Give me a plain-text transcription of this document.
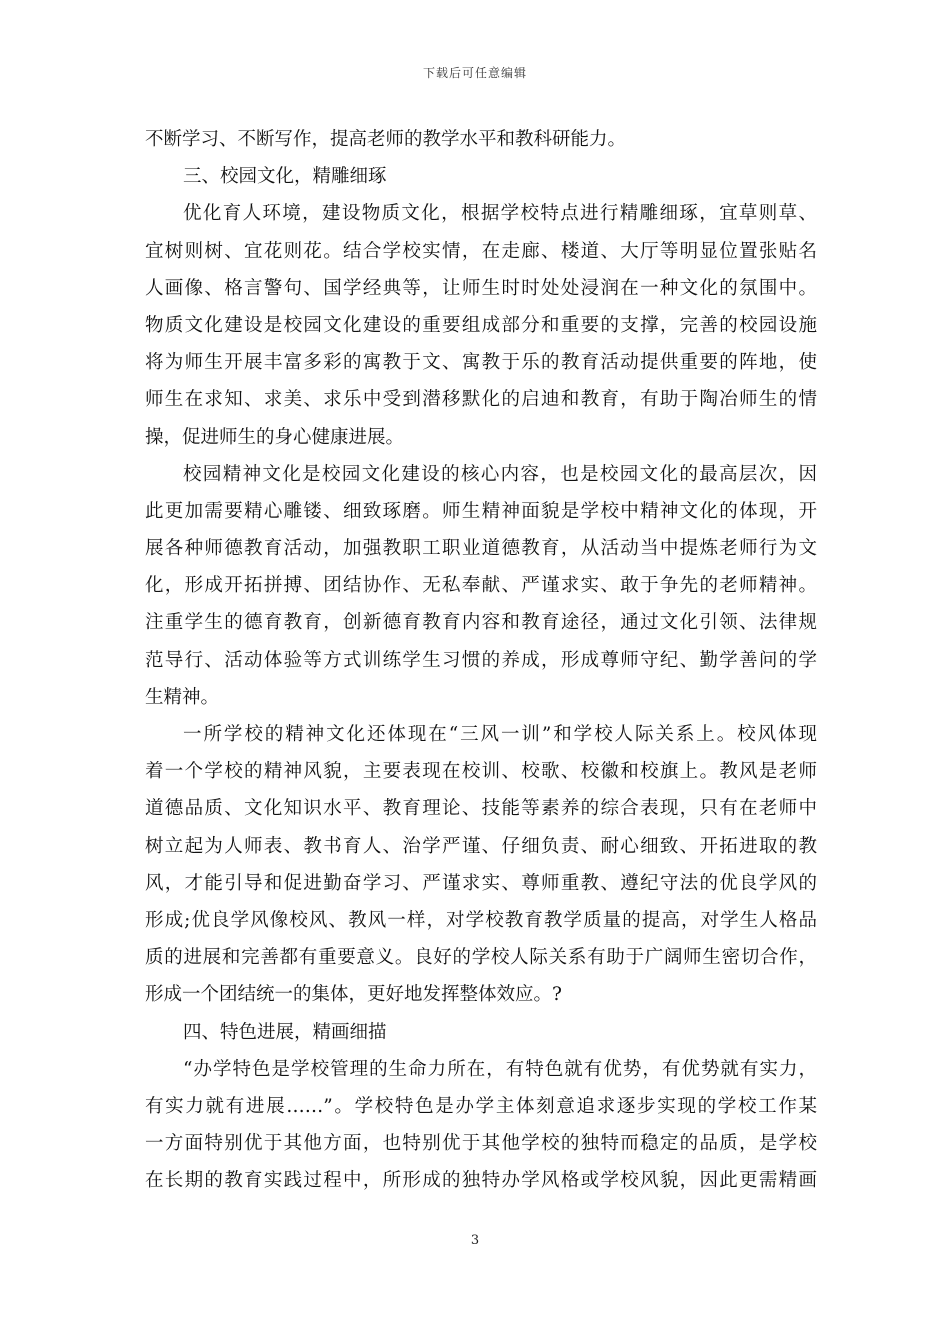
下载后可任意编辑
不断学习、不断写作，提高老师的教学水平和教科研能力。
三、校园文化，精雕细琢
优化育人环境，建设物质文化，根据学校特点进行精雕细琢，宜草则草、
宜树则树、宜花则花。结合学校实情，在走廊、楼道、大厅等明显位置张贴名
人画像、格言警句、国学经典等，让师生时时处处浸润在一种文化的氛围中。
物质文化建设是校园文化建设的重要组成部分和重要的支撑，完善的校园设施
将为师生开展丰富多彩的寓教于文、寓教于乐的教育活动提供重要的阵地，使
师生在求知、求美、求乐中受到潜移默化的启迪和教育，有助于陶冶师生的情
操，促进师生的身心健康进展。
校园精神文化是校园文化建设的核心内容，也是校园文化的最高层次，因
此更加需要精心雕镂、细致琢磨。师生精神面貌是学校中精神文化的体现，开
展各种师德教育活动，加强教职工职业道德教育，从活动当中提炼老师行为文
化，形成开拓拼搏、团结协作、无私奉献、严谨求实、敢于争先的老师精神。
注重学生的德育教育，创新德育教育内容和教育途径，通过文化引领、法律规
范导行、活动体验等方式训练学生习惯的养成，形成尊师守纪、勤学善问的学
生精神。
一所学校的精神文化还体现在“三风一训”和学校人际关系上。校风体现
着一个学校的精神风貌，主要表现在校训、校歌、校徽和校旗上。教风是老师
道德品质、文化知识水平、教育理论、技能等素养的综合表现，只有在老师中
树立起为人师表、教书育人、治学严谨、仔细负责、耐心细致、开拓进取的教
风，才能引导和促进勤奋学习、严谨求实、尊师重教、遵纪守法的优良学风的
形成;优良学风像校风、教风一样，对学校教育教学质量的提高，对学生人格品
质的进展和完善都有重要意义。良好的学校人际关系有助于广阔师生密切合作，
形成一个团结统一的集体，更好地发挥整体效应。?
四、特色进展，精画细描
“办学特色是学校管理的生命力所在，有特色就有优势，有优势就有实力，
有实力就有进展……”。学校特色是办学主体刻意追求逐步实现的学校工作某
一方面特别优于其他方面，也特别优于其他学校的独特而稳定的品质，是学校
在长期的教育实践过程中，所形成的独特办学风格或学校风貌，因此更需精画
3
